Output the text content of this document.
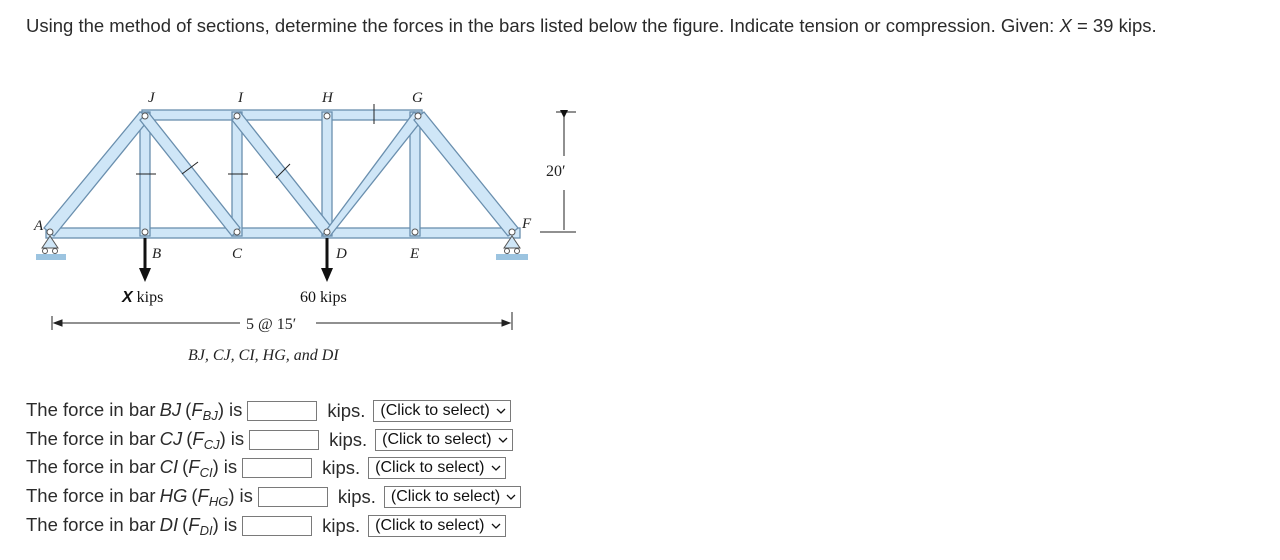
Using the method of sections, determine the forces in the bars listed below the figure. Indicate tension or compression. Given: X = 39 kips.
J	I	H	G
A	F
B	C	D	E
20′
X kips	60 kips
5 @ 15′
BJ, CJ, CI, HG, and DI
The force in bar BJ ( $F_{BJ}$ ) is	kips. (Click to select)
The force in bar CJ ( $F_{CJ}$ ) is	kips. (Click to select)
The force in bar CI ( $F_{CI}$ ) is	kips. (Click to select)
The force in bar HG ( $F_{HG}$ ) is	kips. (Click to select)
The force in bar DI ( $F_{DI}$ ) is	kips. (Click to select)
